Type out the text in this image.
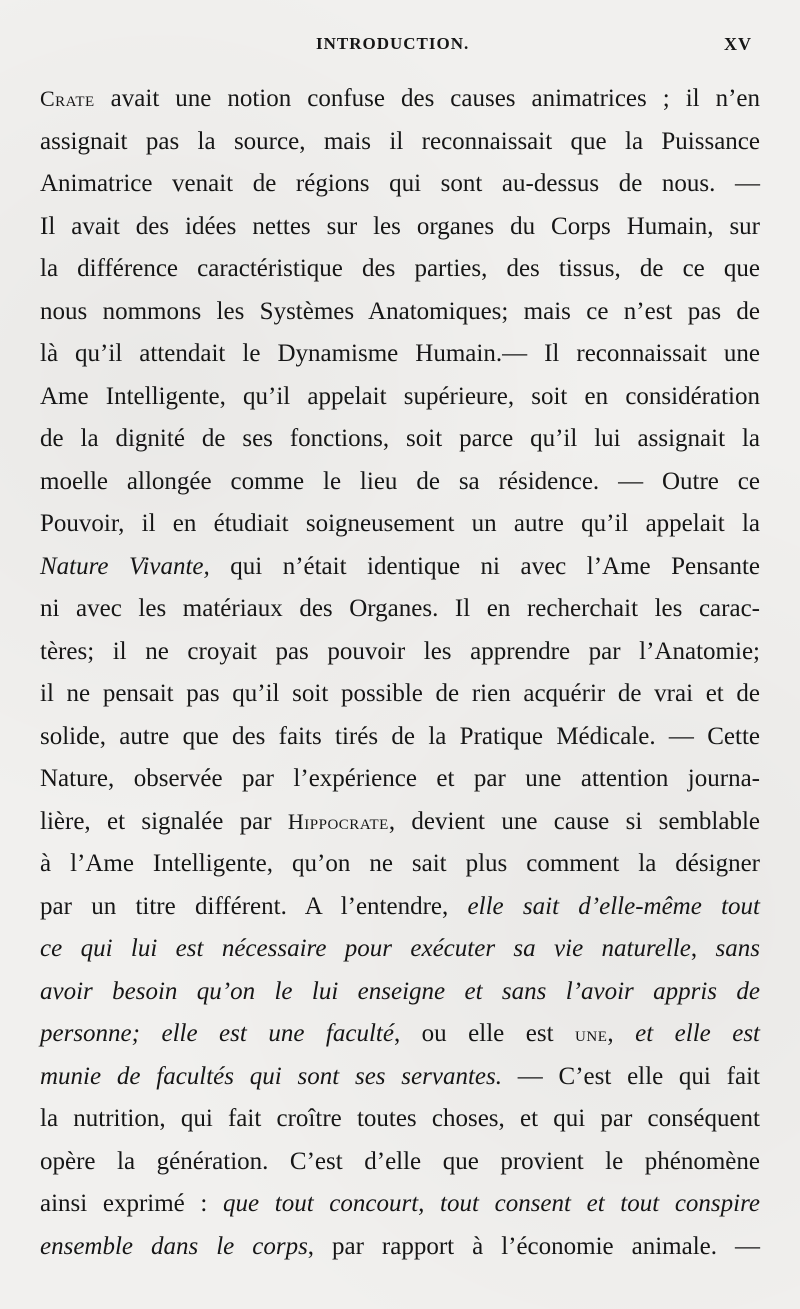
INTRODUCTION.	XV
Crate avait une notion confuse des causes animatrices ; il n’en
assignait pas la source, mais il reconnaissait que la Puissance
Animatrice venait de régions qui sont au-dessus de nous. —
Il avait des idées nettes sur les organes du Corps Humain, sur
la différence caractéristique des parties, des tissus, de ce que
nous nommons les Systèmes Anatomiques; mais ce n’est pas de
là qu’il attendait le Dynamisme Humain.— Il reconnaissait une
Ame Intelligente, qu’il appelait supérieure, soit en considération
de la dignité de ses fonctions, soit parce qu’il lui assignait la
moelle allongée comme le lieu de sa résidence. — Outre ce
Pouvoir, il en étudiait soigneusement un autre qu’il appelait la
Nature Vivante, qui n’était identique ni avec l’Ame Pensante
ni avec les matériaux des Organes. Il en recherchait les carac-
tères; il ne croyait pas pouvoir les apprendre par l’Anatomie;
il ne pensait pas qu’il soit possible de rien acquérir de vrai et de
solide, autre que des faits tirés de la Pratique Médicale. — Cette
Nature, observée par l’expérience et par une attention journa-
lière, et signalée par Hippocrate, devient une cause si semblable
à l’Ame Intelligente, qu’on ne sait plus comment la désigner
par un titre différent. A l’entendre, elle sait d’elle-même tout
ce qui lui est nécessaire pour exécuter sa vie naturelle, sans
avoir besoin qu’on le lui enseigne et sans l’avoir appris de
personne; elle est une faculté, ou elle est une, et elle est
munie de facultés qui sont ses servantes. — C’est elle qui fait
la nutrition, qui fait croître toutes choses, et qui par conséquent
opère la génération. C’est d’elle que provient le phénomène
ainsi exprimé : que tout concourt, tout consent et tout conspire
ensemble dans le corps, par rapport à l’économie animale. —
